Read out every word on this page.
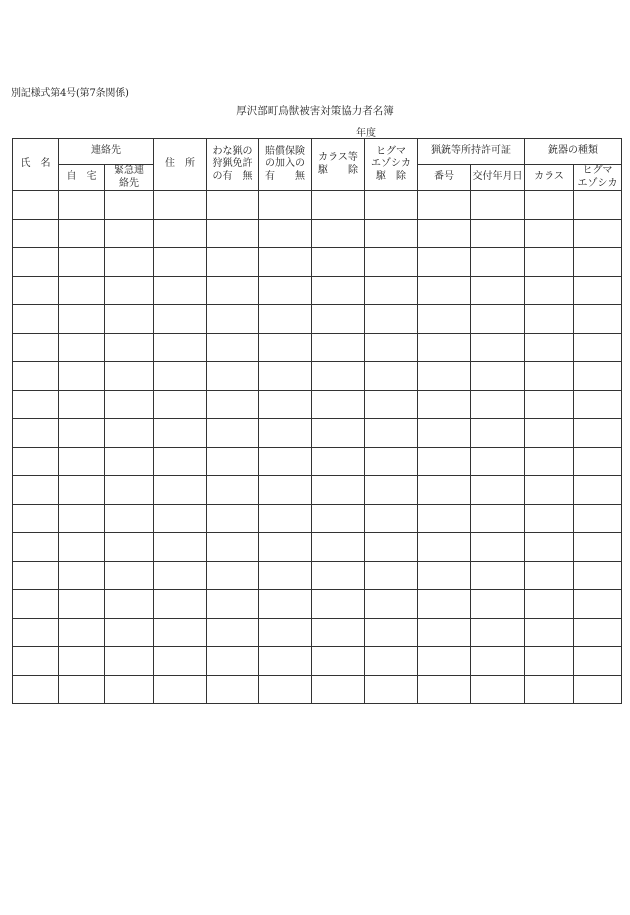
別記様式第4号(第7条関係)
厚沢部町鳥獣被害対策協力者名簿
年度
氏　名	連絡先		住　所	わな猟の
狩猟免許
の有　無	賠償保険
の加入の
有　　無	カラス等
駆　　除	ヒグマ
エゾシカ
駆　除	猟銃等所持許可証		銃器の種類	
	自　宅	緊急連
絡先						番号	交付年月日	カラス	ヒグマ
エゾシカ
